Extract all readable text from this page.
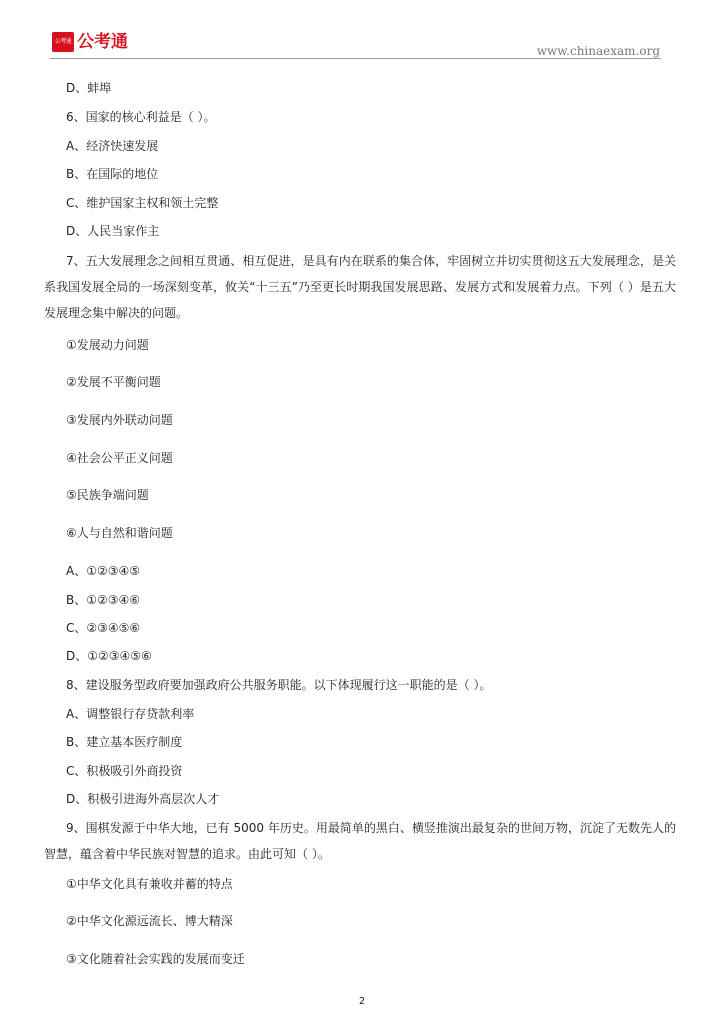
公考通 公考通	www.chinaexam.org
D、蚌埠
6、国家的核心利益是（ ）。
A、经济快速发展
B、在国际的地位
C、维护国家主权和领土完整
D、人民当家作主
7、五大发展理念之间相互贯通、相互促进，是具有内在联系的集合体，牢固树立并切实贯彻这五大发展理念，是关系我国发展全局的一场深刻变革，攸关“十三五”乃至更长时期我国发展思路、发展方式和发展着力点。下列（ ）是五大发展理念集中解决的问题。
①发展动力问题
②发展不平衡问题
③发展内外联动问题
④社会公平正义问题
⑤民族争端问题
⑥人与自然和谐问题
A、①②③④⑤
B、①②③④⑥
C、②③④⑤⑥
D、①②③④⑤⑥
8、建设服务型政府要加强政府公共服务职能。以下体现履行这一职能的是（ ）。
A、调整银行存贷款利率
B、建立基本医疗制度
C、积极吸引外商投资
D、积极引进海外高层次人才
9、围棋发源于中华大地，已有 5000 年历史。用最简单的黑白、横竖推演出最复杂的世间万物，沉淀了无数先人的智慧，蕴含着中华民族对智慧的追求。由此可知（ ）。
①中华文化具有兼收并蓄的特点
②中华文化源远流长、博大精深
③文化随着社会实践的发展而变迁
2
